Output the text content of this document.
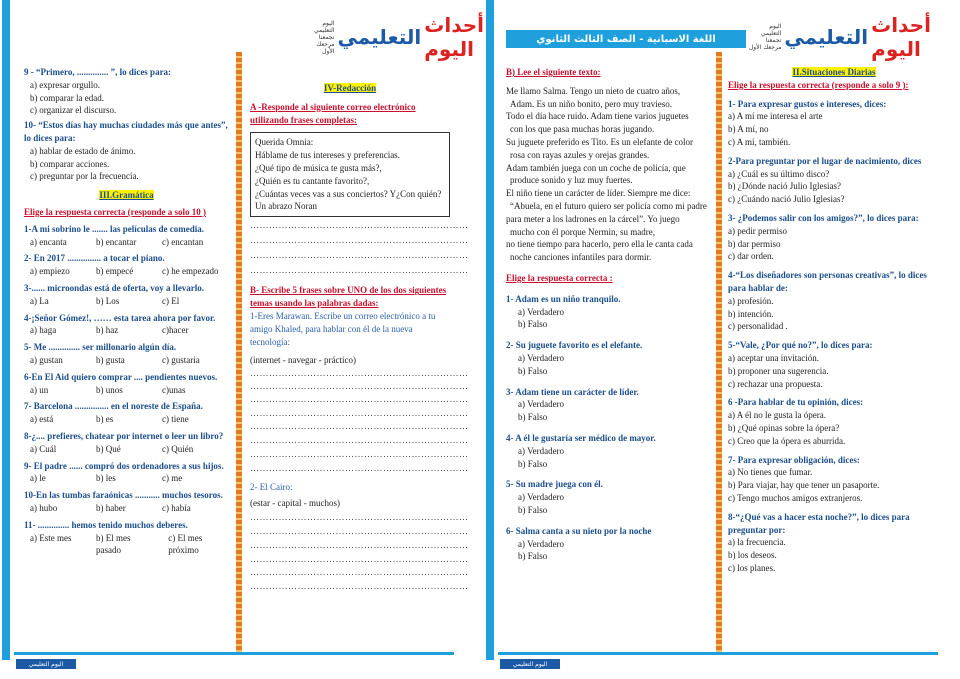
اليوم التعليمي تجمعنا
مرجعك الأول
التعليمي أحداث اليوم
9 - “Primero, .............. ”, lo dices para:
a) expresar orgullo.
b) comparar la edad.
c) organizar el discurso.
10- “Estos días hay muchas ciudades más que antes”, lo dices para:
a) hablar de estado de ánimo.
b) comparar acciones.
c) preguntar por la frecuencia.
III.Gramática
Elige la respuesta correcta (responde a solo 10 )
1-A mi sobrino le ....... las películas de comedia.
a) encanta	b) encantar	c) encantan
2- En 2017 ............... a tocar el piano.
a) empiezo	b) empecé	c) he empezado
3-...... microondas está de oferta, voy a llevarlo.
a) La	b) Los	c) El
4-¡Señor Gómez!, …… esta tarea ahora por favor.
a) haga	b) haz	c)hacer
5- Me .............. ser millonario algún día.
a) gustan	b) gusta	c) gustaría
6-En El Aid quiero comprar .... pendientes nuevos.
a) un	b) unos	c)unas
7- Barcelona ............... en el noreste de España.
a) está	b) es	c) tiene
8-¿.... prefieres, chatear por internet o leer un libro?
a) Cuál	b) Qué	c) Quién
9- El padre ...... compró dos ordenadores a sus hijos.
a) le	b) les	c) me
10-En las tumbas faraónicas ........... muchos tesoros.
a) hubo	b) haber	c) había
11- .............. hemos tenido muchos deberes.
a) Este mes	b) El mes pasado
c) El mes próximo
IV-Redacción
A -Responde al siguiente correo electrónico utilizando frases completas:
Querida Omnia:
Háblame de tus intereses y preferencias.
¿Qué tipo de música te gusta más?,
¿Quién es tu cantante favorito?,
¿Cuántas veces vas a sus conciertos? Y¿Con quién?
Un abrazo Noran
……………………………………………………………
……………………………………………………………
……………………………………………………………
……………………………………………………………
B- Escribe 5 frases sobre UNO de los dos siguientes temas usando las palabras dadas:
1-Eres Marawan. Escribe un correo electrónico a tu amigo Khaled, para hablar con él de la nueva tecnología:
(internet - navegar - práctico)
……………………………………………………………
……………………………………………………………
……………………………………………………………
……………………………………………………………
……………………………………………………………
……………………………………………………………
……………………………………………………………
……………………………………………………………
2- El Cairo:
(estar - capital - muchos)
……………………………………………………………
……………………………………………………………
……………………………………………………………
……………………………………………………………
……………………………………………………………
……………………………………………………………
اليوم التعليمي
اللغة الاسبانية - الصف الثالث الثانوي
اليوم التعليمي تجمعنا
مرجعك الأول التعليمي أحداث اليوم
B) Lee el siguiente texto:
Me llamo Salma. Tengo un nieto de cuatro años,
Adam. Es un niño bonito, pero muy travieso.
Todo el día hace ruido. Adam tiene varios juguetes
con los que pasa muchas horas jugando.
Su juguete preferido es Tito. Es un elefante de color
rosa con rayas azules y orejas grandes.
Adam también juega con un coche de policía, que
produce sonido y luz muy fuertes.
El niño tiene un carácter de líder. Siempre me dice:
“Abuela, en el futuro quiero ser policía como mi padre
para meter a los ladrones en la cárcel”. Yo juego
mucho con él porque Nermin, su madre,
no tiene tiempo para hacerlo, pero ella le canta cada
noche canciones infantiles para dormir.
Elige la respuesta correcta :
1- Adam es un niño tranquilo.
a) Verdadero
b) Falso
2- Su juguete favorito es el elefante.
a) Verdadero
b) Falso
3- Adam tiene un carácter de líder.
a) Verdadero
b) Falso
4- A él le gustaría ser médico de mayor.
a) Verdadero
b) Falso
5- Su madre juega con él.
a) Verdadero
b) Falso
6- Salma canta a su nieto por la noche
a) Verdadero
b) Falso
II.Situaciones Diarias
Elige la respuesta correcta (responde a solo 9 ):
1- Para expresar gustos e intereses, dices:
a) A mí me interesa el arte
b) A mí, no
c) A mí, también.
2-Para preguntar por el lugar de nacimiento, dices
a) ¿Cuál es su último disco?
b) ¿Dónde nació Julio Iglesias?
c) ¿Cuándo nació Julio Iglesias?
3- ¿Podemos salir con los amigos?”, lo dices para:
a) pedir permiso
b) dar permiso
c) dar orden.
4-“Los diseñadores son personas creativas”, lo dices para hablar de:
a) profesión.
b) intención.
c) personalidad .
5-“Vale, ¿Por qué no?”, lo dices para:
a) aceptar una invitación.
b) proponer una sugerencia.
c) rechazar una propuesta.
6 -Para hablar de tu opinión, dices:
a) A él no le gusta la ópera.
b) ¿Qué opinas sobre la ópera?
c) Creo que la ópera es aburrida.
7- Para expresar obligación, dices:
a) No tienes que fumar.
b) Para viajar, hay que tener un pasaporte.
c) Tengo muchos amigos extranjeros.
8-“¿Qué vas a hacer esta noche?”, lo dices para preguntar por:
a) la frecuencia.
b) los deseos.
c) los planes.
اليوم التعليمي
